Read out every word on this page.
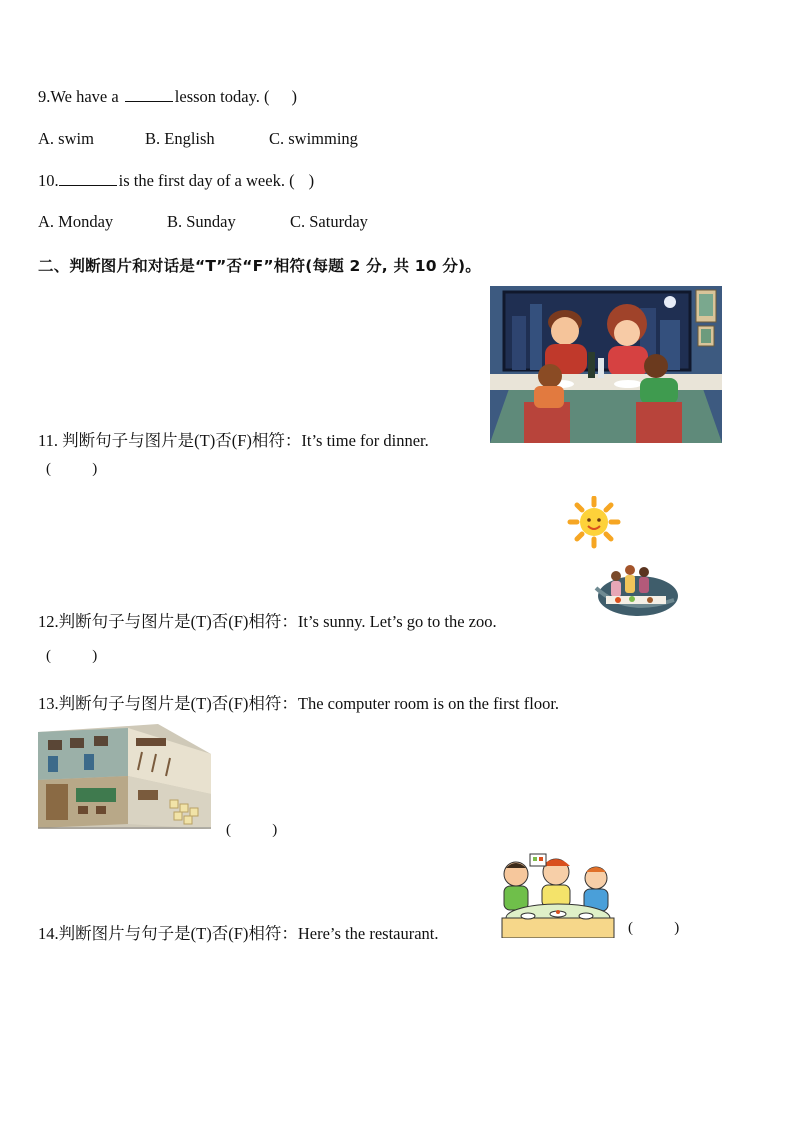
9.We have a	lesson today. ( )
A. swim	B. English	C. swimming
10.	is the first day of a week. ( )
A. Monday	B. Sunday	C. Saturday
二、判断图片和对话是“T”否“F”相符(每题 2 分, 共 10 分)。
11. 判断句子与图片是(T)否(F)相符：It’s time for dinner.
(           )
12.判断句子与图片是(T)否(F)相符：It’s sunny. Let’s go to the zoo.
(           )
13.判断句子与图片是(T)否(F)相符：The computer room is on the first floor.
(           )
14.判断图片与句子是(T)否(F)相符：Here’s the restaurant.	(           )
